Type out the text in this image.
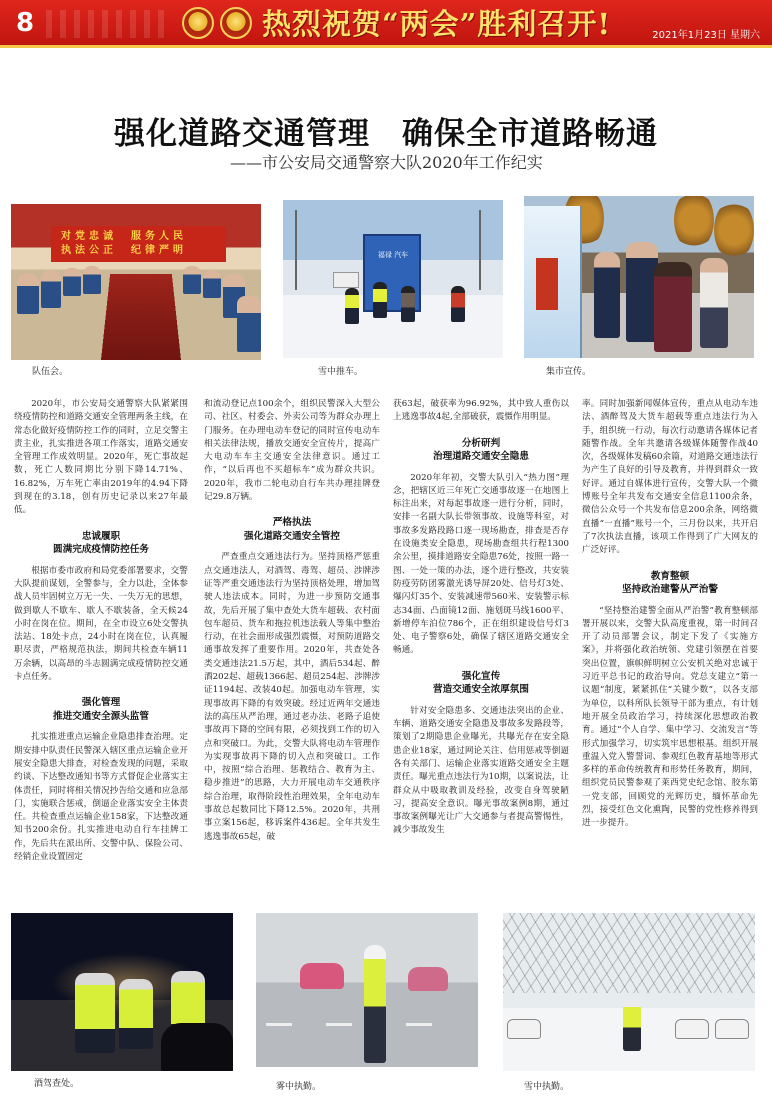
8	热烈祝贺“两会”胜利召开!	2021年1月23日 星期六
强化道路交通管理　确保全市道路畅通
——市公安局交通警察大队2020年工作纪实
对党忠诚　服务人民
执法公正　纪律严明
队伍会。
福禄 汽车
雪中推车。	集市宣传。

2020年，市公安局交通警察大队紧紧围绕疫情防控和道路交通安全管理两条主线，在常态化做好疫情防控工作的同时，立足交警主责主业，扎实推进各项工作落实，道路交通安全管理工作成效明显。2020年，死亡事故起数，死亡人数同期比分别下降14.71%、16.82%，万车死亡率由2019年的4.94下降到现在的3.18，创有历史记录以来27年最低。

忠诚履职
圆满完成疫情防控任务

根据市委市政府和局党委部署要求，交警大队提前谋划，全警参与，全力以赴，全体参战人员牢固树立万无一失、一失万无的思想，做到歇人不歇车、歇人不歇装备，全天候24小时在岗在位。期间，在全市设立6处交警执法站、18处卡点，24小时在岗在位，认真履职尽责，严格规范执法，期间共检查车辆11万余辆，以高昂的斗志圆满完成疫情防控交通卡点任务。

强化管理
推进交通安全源头监管

扎实推进重点运输企业隐患排查治理。定期安排中队责任民警深入辖区重点运输企业开展安全隐患大排查，对检查发现的问题，采取约谈、下达整改通知书等方式督促企业落实主体责任，同时将相关情况抄告给交通和应急部门，实施联合惩戒，倒逼企业落实安全主体责任。共检查重点运输企业158家，下达整改通知书200余份。扎实推进电动自行车挂牌工作，先后共在派出所、交警中队、保险公司、经销企业设置固定

和流动登记点100余个，组织民警深入大型公司、社区、村委会、外卖公司等为群众办理上门服务。在办理电动车登记的同时宣传电动车相关法律法规，播放交通安全宣传片，提高广大电动车车主交通安全法律意识。通过工作，“以后再也不买超标车”成为群众共识。2020年，我市二轮电动自行车共办理挂牌登记29.8万辆。

严格执法
强化道路交通安全管控

严查重点交通违法行为。坚持顶格严惩重点交通违法人，对酒驾、毒驾、超员、涉牌涉证等严重交通违法行为坚持顶格处理，增加驾驶人违法成本。同时，为进一步预防交通事故，先后开展了集中查处大货车超载、农村面包车超员、货车和拖拉机违法载人等集中整治行动，在社会面形成强烈震慑，对预防道路交通事故发挥了重要作用。2020年，共查处各类交通违法21.5万起，其中，酒后534起、醉酒202起、超载1366起、超员254起、涉牌涉证1194起、改装40起。加强电动车管理，实现事故再下降的有效突破。经过近两年交通违法的高压从严治理，通过老办法、老路子追使事故再下降的空间有限，必须找到工作的切入点和突破口。为此，交警大队将电动车管理作为实现事故再下降的切入点和突破口。工作中，按照“综合治理、惩教结合、教育为主、稳步推进”的思路，大力开展电动车交通秩序综合治理，取得阶段性治理效果，全年电动车事故总起数同比下降12.5%。2020年，共刑事立案156起，移诉案件436起。全年共发生逃逸事故65起，破

获63起，破获率为96.92%，其中致人重伤以上逃逸事故4起,全部破获，震慑作用明显。

分析研判
治理道路交通安全隐患

2020年年初，交警大队引入“热力图”理念，把辖区近三年死亡交通事故逐一在地图上标注出来，对每起事故逐一进行分析，同时，安排一名副大队长带领事故、设施等科室，对事故多发路段路口逐一现场勘查，排查是否存在设施类安全隐患，现场勘查组共行程1300余公里，摸排道路安全隐患76处，按照一路一图、一处一策的办法，逐个进行整改，共安装防疫劳防团雾激光诱导屏20处、信号灯3处、爆闪灯35个、安装减速带560米、安装警示标志34面、凸面镜12面、施划斑马线1600平、新增停车泊位786个，正在组织建设信号灯3处、电子警察6处，确保了辖区道路交通安全畅通。

强化宣传
营造交通安全浓厚氛围

针对安全隐患多、交通违法突出的企业、车辆、道路交通安全隐患及事故多发路段等，策划了2期隐患企业曝光，共曝光存在安全隐患企业18家，通过网论关注、信用惩戒等倒逼各有关部门、运输企业落实道路交通安全主题责任。曝光重点违法行为10期，以案说法，让群众从中吸取教训及经验，改变自身驾驶陋习，提高安全意识。曝光事故案例8期，通过事故案例曝光让广大交通参与者提高警惕性，减少事故发生

率。同时加强新闻媒体宣传，重点从电动车违法、酒醉驾及大货车超载等重点违法行为入手，组织统一行动，每次行动邀请各媒体记者随警作战。全年共邀请各级媒体随警作战40次，各级媒体发稿60余篇，对道路交通违法行为产生了良好的引导及教育，并得到群众一致好评。通过自媒体进行宣传，交警大队一个微博账号全年共发布交通安全信息1100余条，微信公众号一个共发布信息200余条，网络微直播“一直播”账号一个，三月份以来，共开启了7次执法直播，该项工作得到了广大网友的广泛好评。

教育整顿
坚持政治建警从严治警

“坚持整治建警全面从严治警”教育整顿部署开展以来，交警大队高度重视，第一时间召开了动员部署会议，制定下发了《实施方案》，并将强化政治统领、党建引领摆在首要突出位置，旗帜鲜明树立公安机关绝对忠诚于习近平总书记的政治导向。党总支建立“第一议题”制度，紧紧抓住“关键少数”，以各支部为单位，以科所队长领导干部为重点，有计划地开展全员政治学习，持续深化思想政治教育。通过“个人自学、集中学习、交流发言”等形式加强学习，切实筑牢思想根基。组织开展重温入党入警誓词、参观红色教育基地等形式多样的革命传统教育和形势任务教育，期间，组织党员民警参观了莱西党史纪念馆、胶东第一党支部，回顾党的光辉历史，缅怀革命先烈，接受红色文化熏陶，民警的党性修养得到进一步提升。

酒驾查处。	雾中执勤。	雪中执勤。
